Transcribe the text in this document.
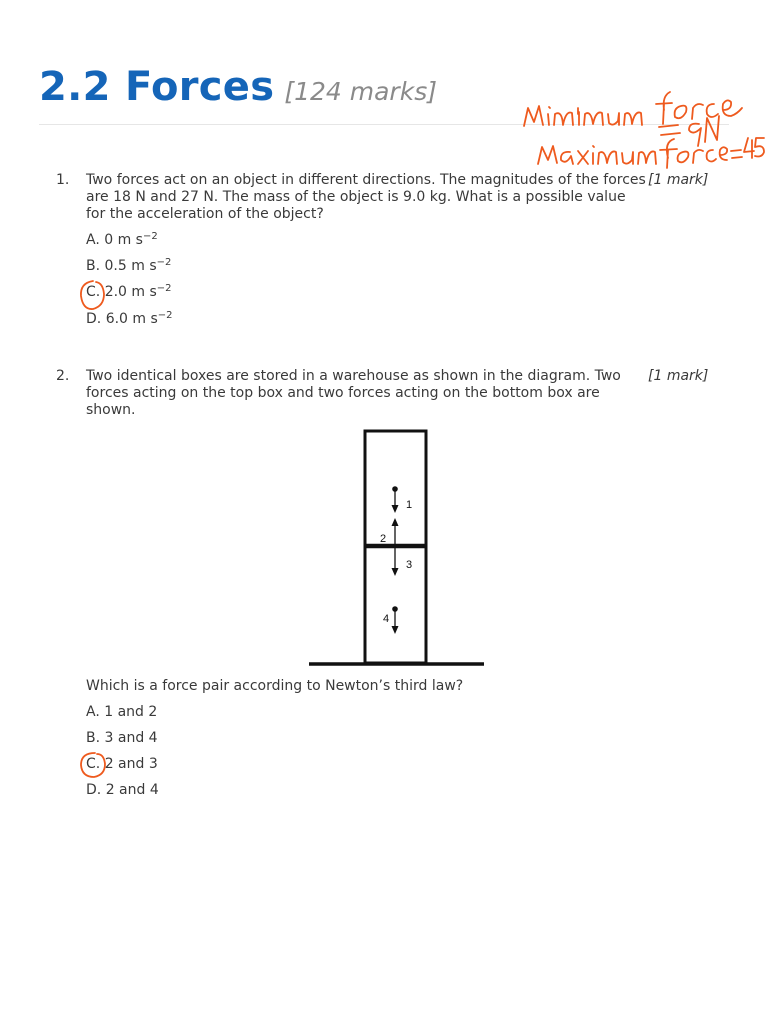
2.2 Forces [124 marks]
1. Two forces act on an object in different directions. The magnitudes of the forces are 18 N and 27 N. The mass of the object is 9.0 kg. What is a possible value for the acceleration of the object?
[1 mark]
A. 0 m $s^{-2}$
B. 0.5 m $s^{-2}$
C. 2.0 m $s^{-2}$
D. 6.0 m $s^{-2}$
2. Two identical boxes are stored in a warehouse as shown in the diagram. Two forces acting on the top box and two forces acting on the bottom box are shown.
[1 mark]
1
2
3
4
Which is a force pair according to Newton’s third law?
A. 1 and 2
B. 3 and 4
C. 2 and 3
D. 2 and 4
